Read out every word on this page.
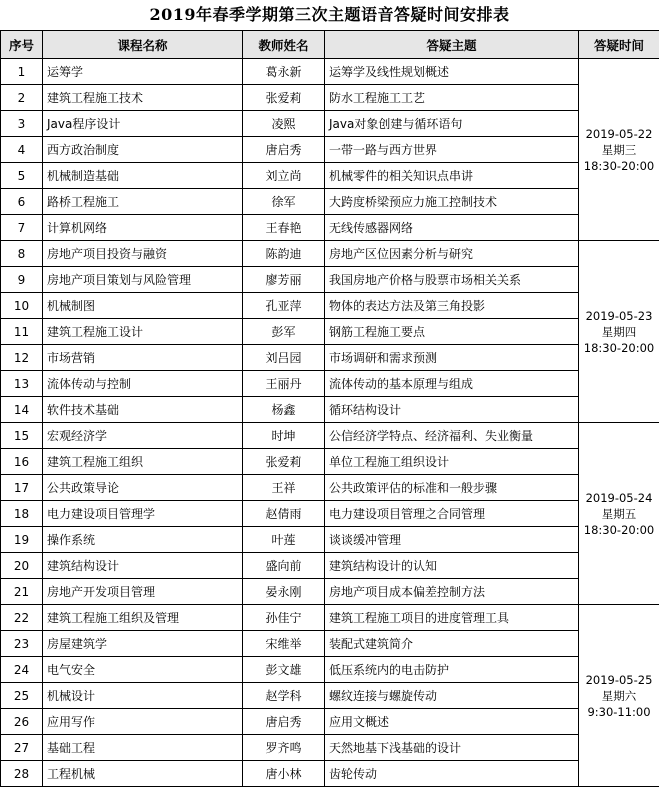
2019年春季学期第三次主题语音答疑时间安排表
序号	课程名称	教师姓名	答疑主题	答疑时间
1	运筹学	葛永新	运筹学及线性规划概述	2019-05-22
星期三
18:30-20:00

2	建筑工程施工技术	张爱莉	防水工程施工工艺	
3	Java程序设计	凌熙	Java对象创建与循环语句	
4	西方政治制度	唐启秀	一带一路与西方世界	
5	机械制造基础	刘立尚	机械零件的相关知识点串讲	
6	路桥工程施工	徐军	大跨度桥梁预应力施工控制技术	
7	计算机网络	王春艳	无线传感器网络	
8	房地产项目投资与融资	陈韵迪	房地产区位因素分析与研究	2019-05-23
星期四
18:30-20:00

9	房地产项目策划与风险管理	廖芳丽	我国房地产价格与股票市场相关关系	
10	机械制图	孔亚萍	物体的表达方法及第三角投影	
11	建筑工程施工设计	彭军	钢筋工程施工要点	
12	市场营销	刘吕园	市场调研和需求预测	
13	流体传动与控制	王丽丹	流体传动的基本原理与组成	
14	软件技术基础	杨鑫	循环结构设计	
15	宏观经济学	时坤	公信经济学特点、经济福利、失业衡量	2019-05-24
星期五
18:30-20:00

16	建筑工程施工组织	张爱莉	单位工程施工组织设计	
17	公共政策导论	王祥	公共政策评估的标准和一般步骤	
18	电力建设项目管理学	赵倩雨	电力建设项目管理之合同管理	
19	操作系统	叶莲	谈谈缓冲管理	
20	建筑结构设计	盛向前	建筑结构设计的认知	
21	房地产开发项目管理	晏永刚	房地产项目成本偏差控制方法	
22	建筑工程施工组织及管理	孙佳宁	建筑工程施工项目的进度管理工具	2019-05-25
星期六
9:30-11:00

23	房屋建筑学	宋维举	装配式建筑简介	
24	电气安全	彭文雄	低压系统内的电击防护	
25	机械设计	赵学科	螺纹连接与螺旋传动	
26	应用写作	唐启秀	应用文概述	
27	基础工程	罗齐鸣	天然地基下浅基础的设计	
28	工程机械	唐小林	齿轮传动	
